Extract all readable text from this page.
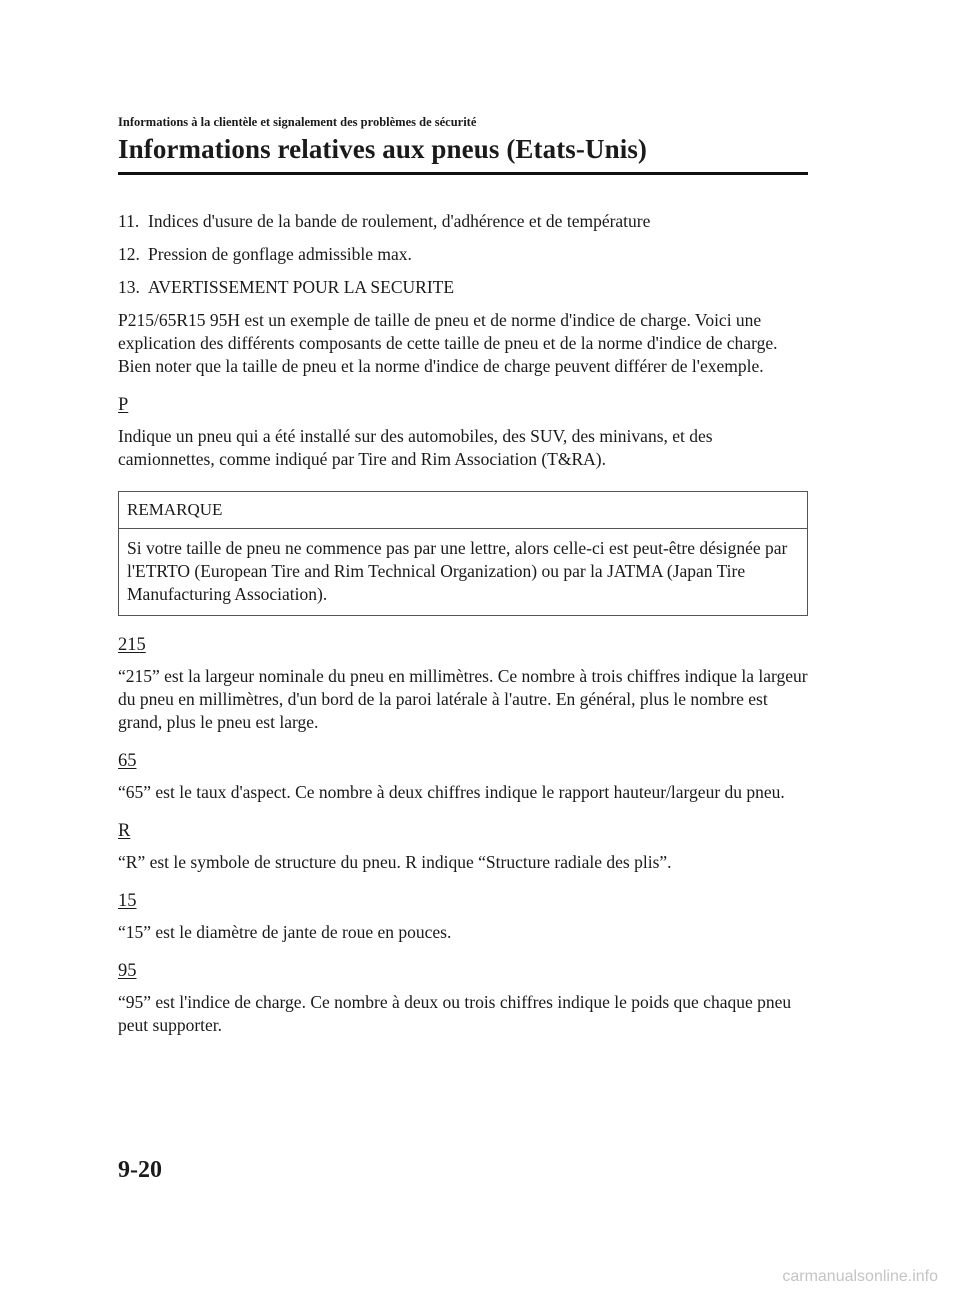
Informations à la clientèle et signalement des problèmes de sécurité
Informations relatives aux pneus (Etats-Unis)
11. Indices d'usure de la bande de roulement, d'adhérence et de température
12. Pression de gonflage admissible max.
13. AVERTISSEMENT POUR LA SECURITE

P215/65R15 95H est un exemple de taille de pneu et de norme d'indice de charge. Voici une explication des différents composants de cette taille de pneu et de la norme d'indice de charge. Bien noter que la taille de pneu et la norme d'indice de charge peuvent différer de l'exemple.

P

Indique un pneu qui a été installé sur des automobiles, des SUV, des minivans, et des camionnettes, comme indiqué par Tire and Rim Association (T&RA).

REMARQUE
Si votre taille de pneu ne commence pas par une lettre, alors celle-ci est peut-être désignée par l'ETRTO (European Tire and Rim Technical Organization) ou par la JATMA (Japan Tire Manufacturing Association).
215

“215” est la largeur nominale du pneu en millimètres. Ce nombre à trois chiffres indique la largeur du pneu en millimètres, d'un bord de la paroi latérale à l'autre. En général, plus le nombre est grand, plus le pneu est large.

65

“65” est le taux d'aspect. Ce nombre à deux chiffres indique le rapport hauteur/largeur du pneu.

R

“R” est le symbole de structure du pneu. R indique “Structure radiale des plis”.

15

“15” est le diamètre de jante de roue en pouces.

95

“95” est l'indice de charge. Ce nombre à deux ou trois chiffres indique le poids que chaque pneu peut supporter.

9-20
carmanualsonline.info
